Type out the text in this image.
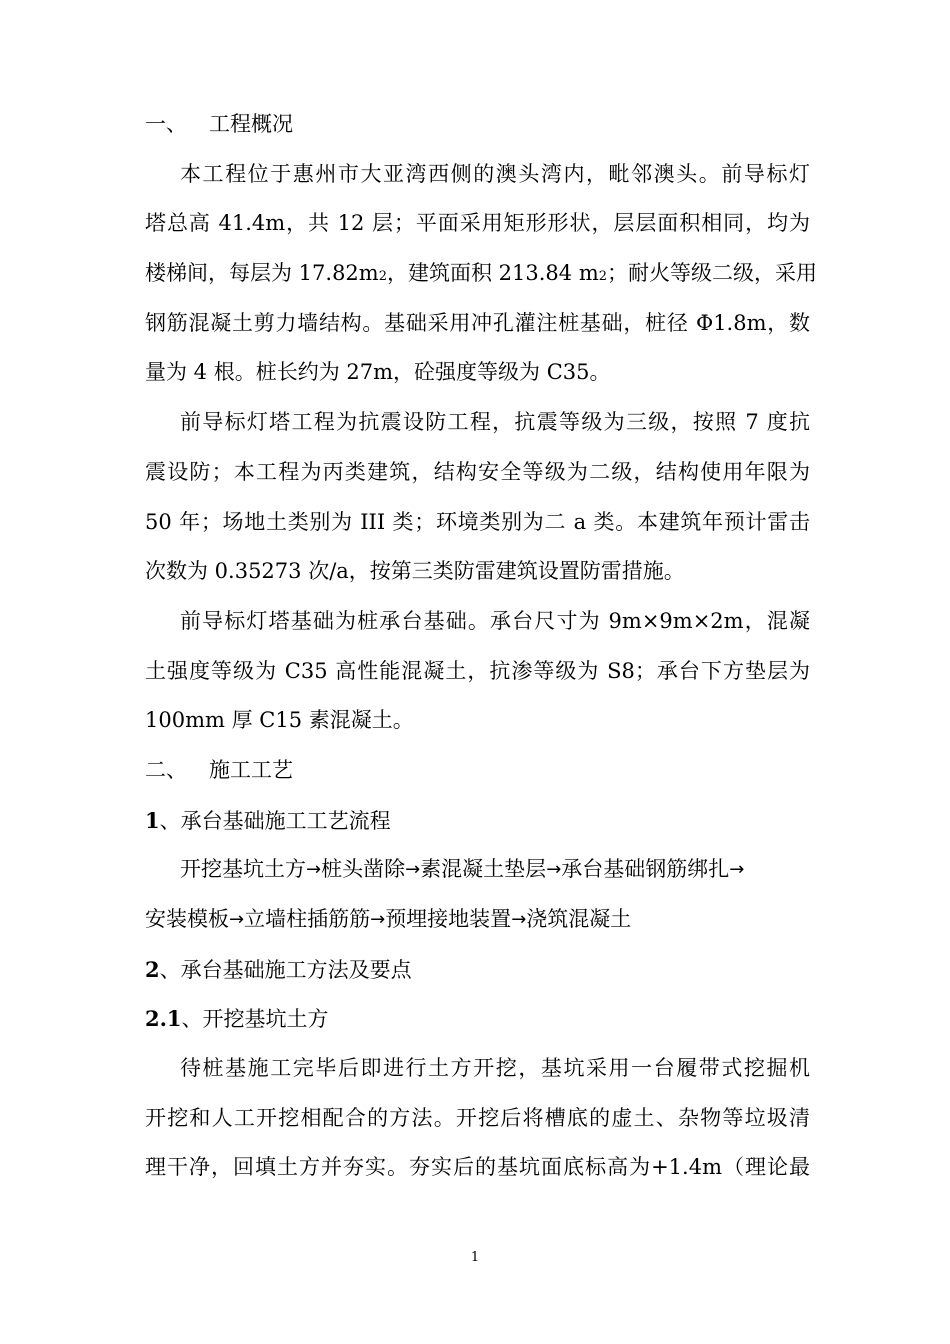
一、 工程概况
本工程位于惠州市大亚湾西侧的澳头湾内，毗邻澳头。前导标灯
塔总高 41.4m，共 12 层；平面采用矩形形状，层层面积相同，均为
楼梯间，每层为 17.82m2，建筑面积 213.84 m2；耐火等级二级，采用
钢筋混凝土剪力墙结构。基础采用冲孔灌注桩基础，桩径 Φ1.8m，数
量为 4 根。桩长约为 27m，砼强度等级为 C35。
前导标灯塔工程为抗震设防工程，抗震等级为三级，按照 7 度抗
震设防；本工程为丙类建筑，结构安全等级为二级，结构使用年限为
50 年；场地土类别为 III 类；环境类别为二 a 类。本建筑年预计雷击
次数为 0.35273 次/a，按第三类防雷建筑设置防雷措施。
前导标灯塔基础为桩承台基础。承台尺寸为 9m×9m×2m，混凝
土强度等级为 C35 高性能混凝土，抗渗等级为 S8；承台下方垫层为
100mm 厚 C15 素混凝土。
二、 施工工艺
1、承台基础施工工艺流程
开挖基坑土方→桩头凿除→素混凝土垫层→承台基础钢筋绑扎→
安装模板→立墙柱插筋筋→预埋接地装置→浇筑混凝土
2、承台基础施工方法及要点
2.1、开挖基坑土方
待桩基施工完毕后即进行土方开挖，基坑采用一台履带式挖掘机
开挖和人工开挖相配合的方法。开挖后将槽底的虚土、杂物等垃圾清
理干净，回填土方并夯实。夯实后的基坑面底标高为+1.4m（理论最
1
